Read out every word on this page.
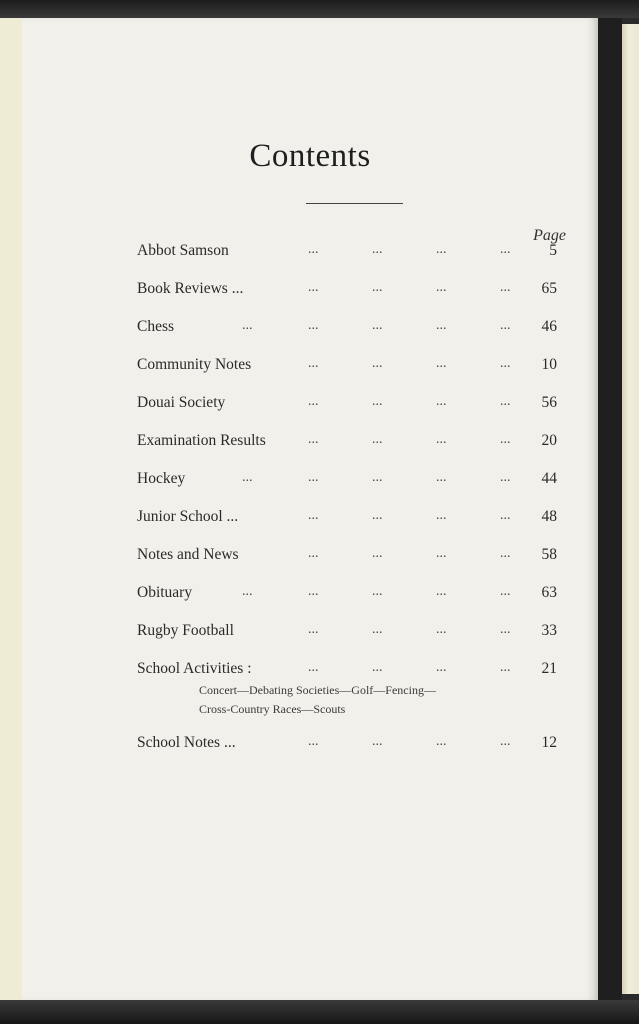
Contents
Page
Abbot Samson	...	...	...	...	5
Book Reviews ...	...	...	...	...	65
Chess	...	...	...	...	...	46
Community Notes	...	...	...	...	10
Douai Society	...	...	...	...	56
Examination Results	...	...	...	...	20
Hockey	...	...	...	...	...	44
Junior School ...	...	...	...	...	48
Notes and News	...	...	...	...	58
Obituary	...	...	...	...	...	63
Rugby Football	...	...	...	...	33
School Activities :	...	...	...	...	21
Concert—Debating Societies—Golf—Fencing—
Cross-Country Races—Scouts
School Notes ...	...	...	...	...	12
